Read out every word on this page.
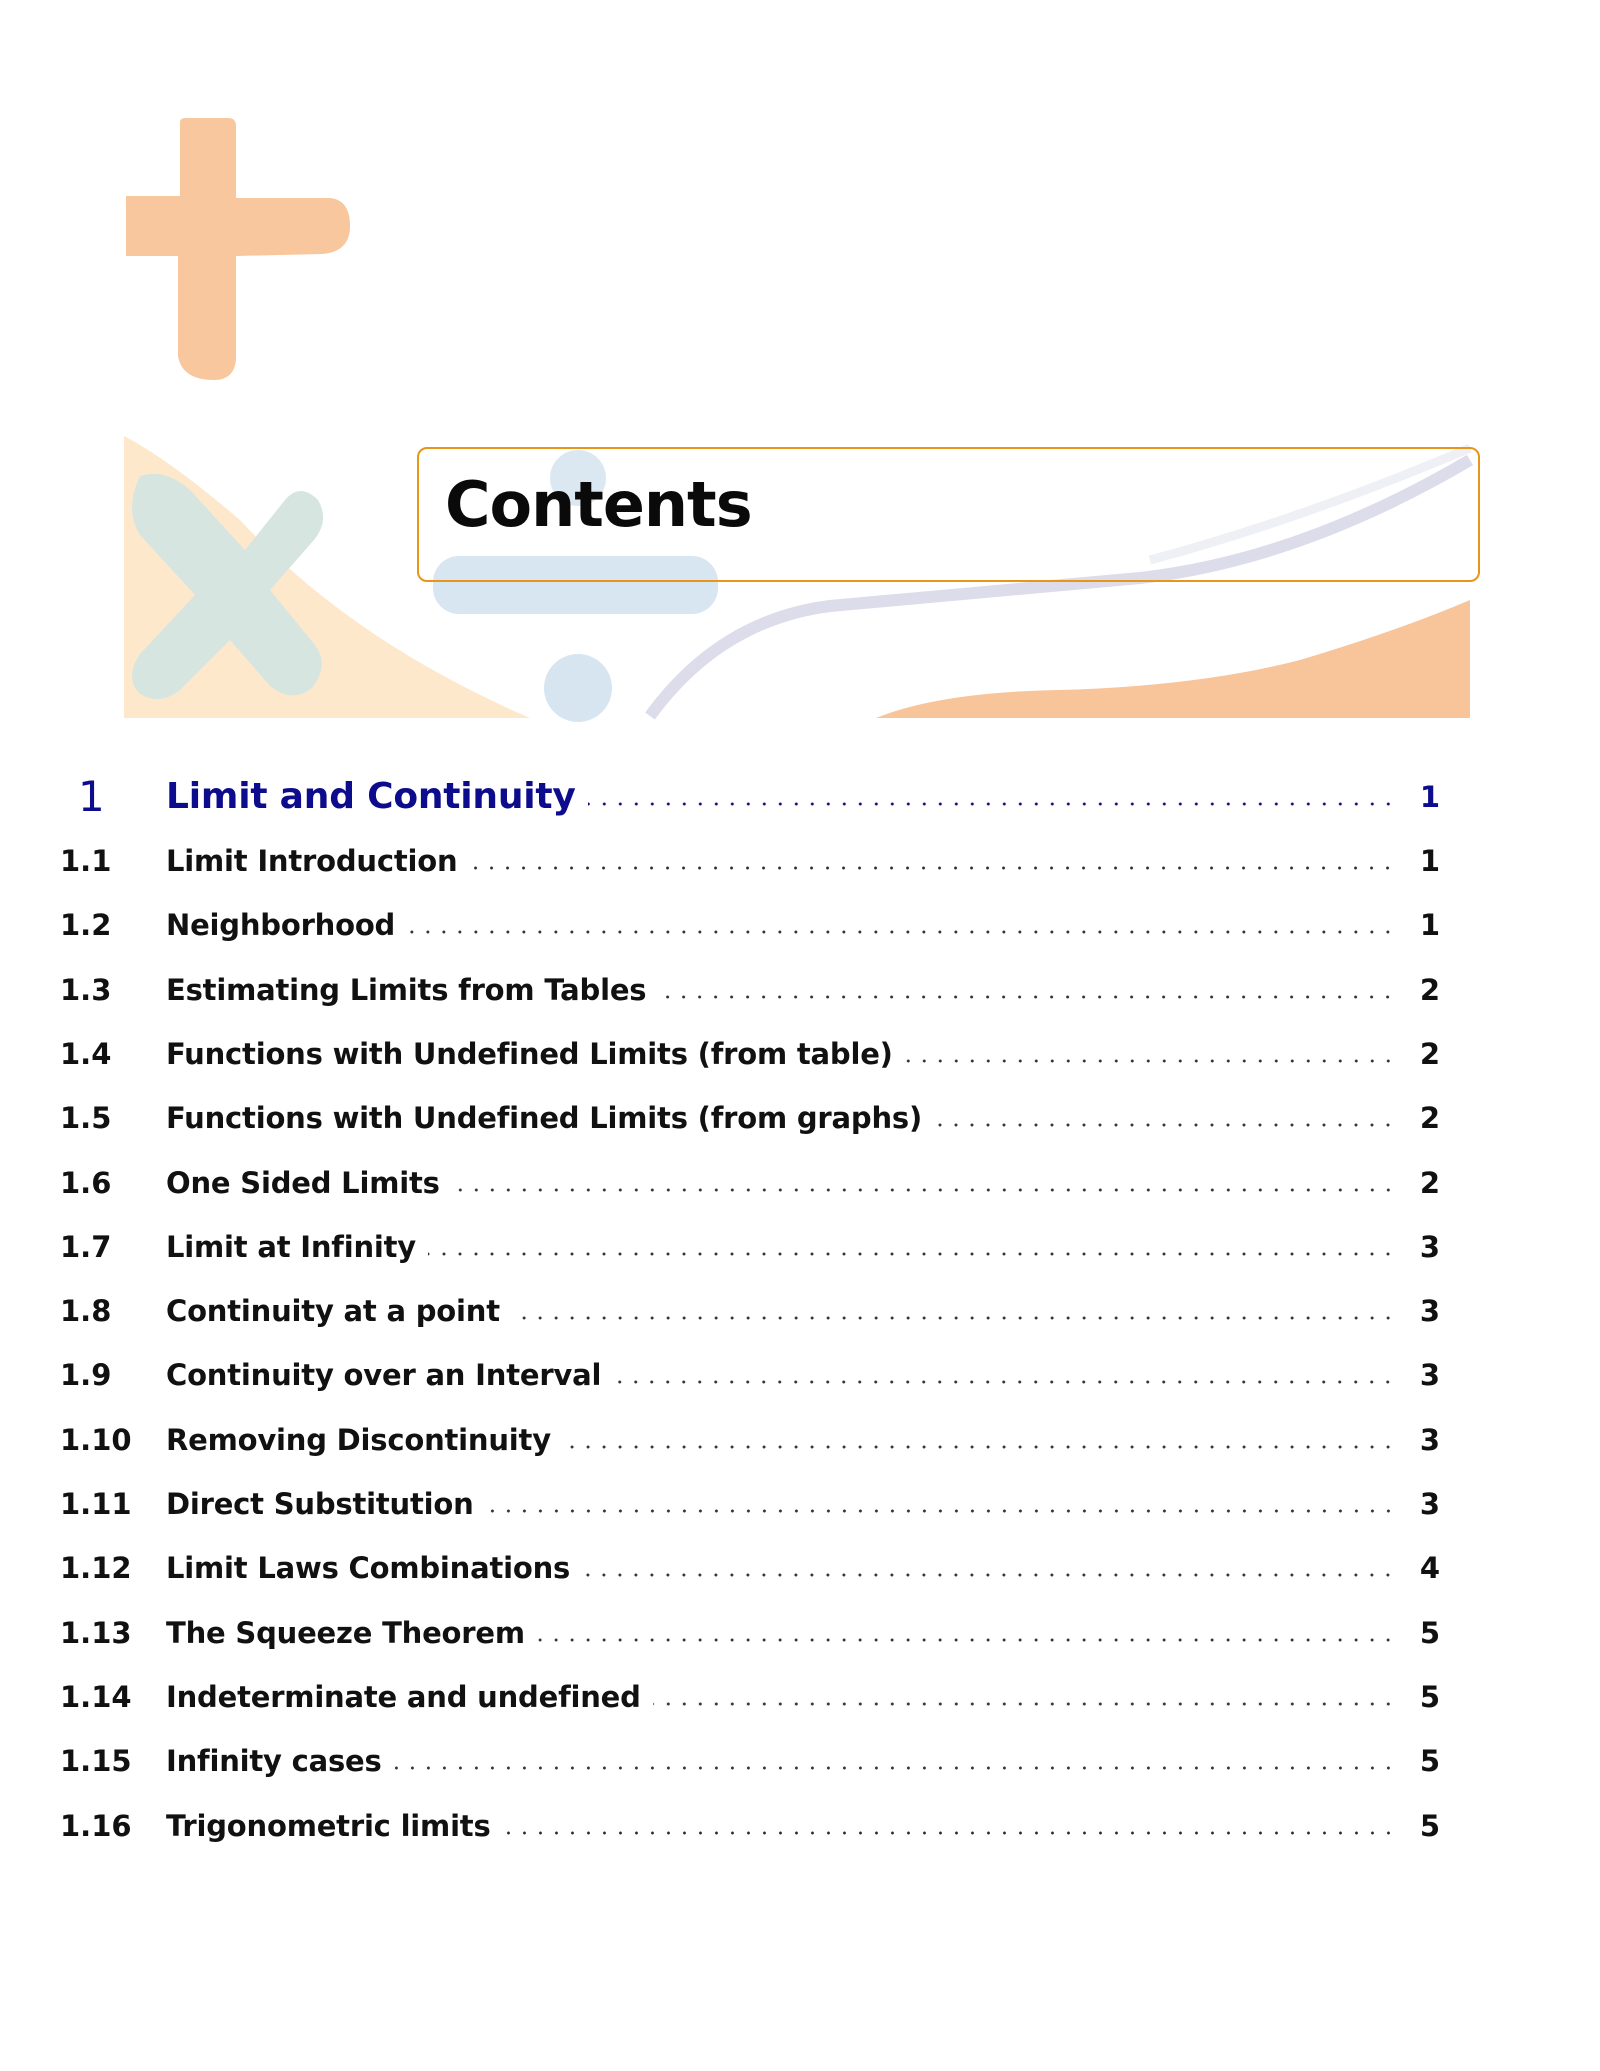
Contents
1 Limit and Continuity	1
1.1 Limit Introduction	1
1.2 Neighborhood	1
1.3 Estimating Limits from Tables	2
1.4 Functions with Undefined Limits (from table)	2
1.5 Functions with Undefined Limits (from graphs)	2
1.6 One Sided Limits	2
1.7 Limit at Infinity	3
1.8 Continuity at a point	3
1.9 Continuity over an Interval	3
1.10 Removing Discontinuity	3
1.11 Direct Substitution	3
1.12 Limit Laws Combinations	4
1.13 The Squeeze Theorem	5
1.14 Indeterminate and undefined	5
1.15 Infinity cases	5
1.16 Trigonometric limits	5
